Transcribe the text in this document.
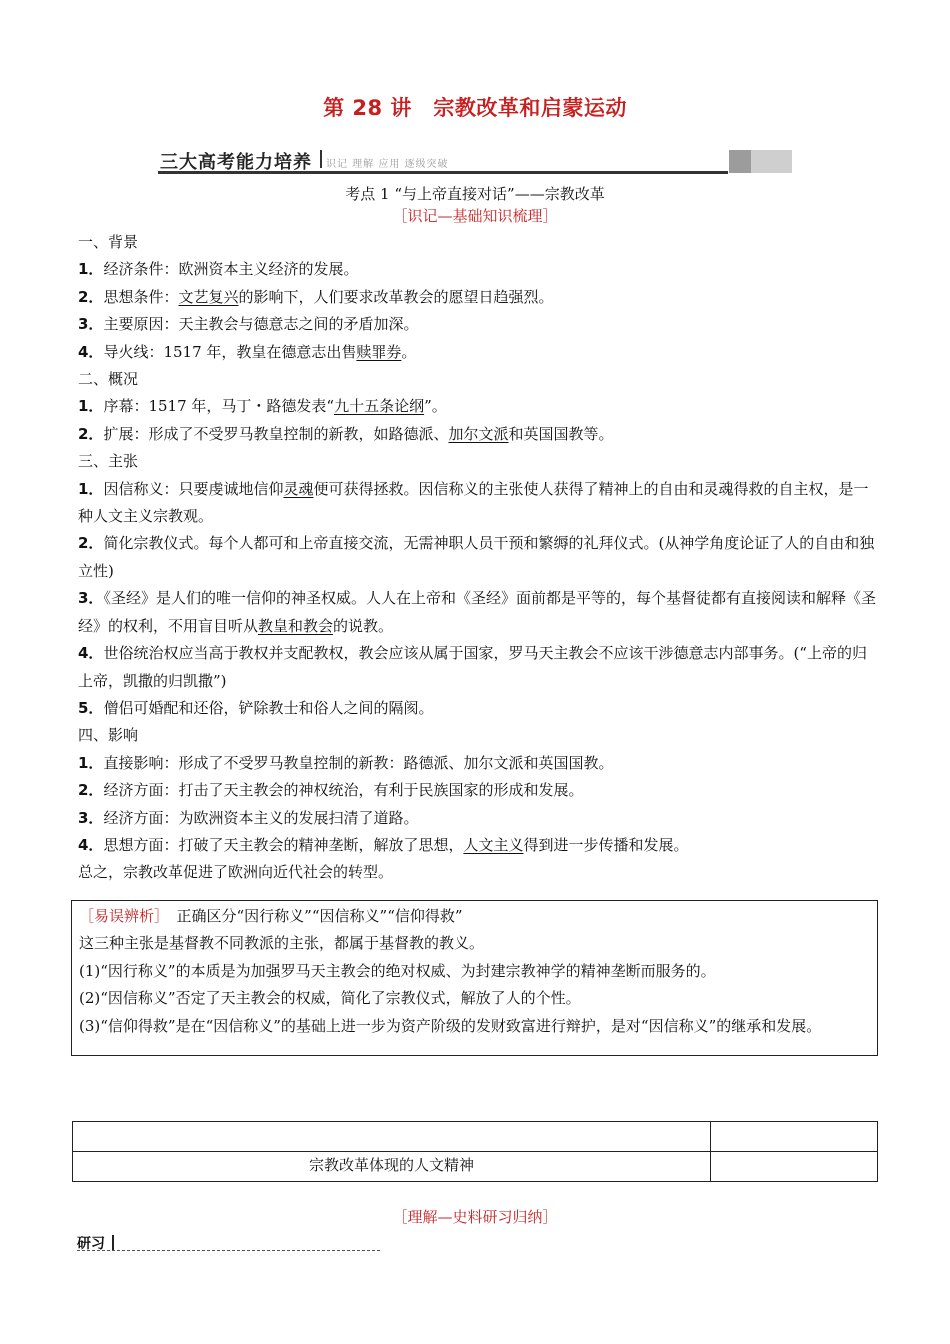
第 28 讲　宗教改革和启蒙运动
三大高考能力培养 识记 理解 应用 逐级突破
考点 1 “与上帝直接对话”——宗教改革
［识记—基础知识梳理］

一、背景

1．经济条件：欧洲资本主义经济的发展。

2．思想条件：文艺复兴的影响下，人们要求改革教会的愿望日趋强烈。

3．主要原因：天主教会与德意志之间的矛盾加深。

4．导火线：1517 年，教皇在德意志出售赎罪券。

二、概况

1．序幕：1517 年，马丁・路德发表“九十五条论纲”。

2．扩展：形成了不受罗马教皇控制的新教，如路德派、加尔文派和英国国教等。

三、主张

1．因信称义：只要虔诚地信仰灵魂便可获得拯救。因信称义的主张使人获得了精神上的自由和灵魂得救的自主权，是一种人文主义宗教观。

2．简化宗教仪式。每个人都可和上帝直接交流，无需神职人员干预和繁缛的礼拜仪式。(从神学角度论证了人的自由和独立性)

3．《圣经》是人们的唯一信仰的神圣权威。人人在上帝和《圣经》面前都是平等的，每个基督徒都有直接阅读和解释《圣经》的权利，不用盲目听从教皇和教会的说教。

4．世俗统治权应当高于教权并支配教权，教会应该从属于国家，罗马天主教会不应该干涉德意志内部事务。(“上帝的归上帝，凯撒的归凯撒”)

5．僧侣可婚配和还俗，铲除教士和俗人之间的隔阂。

四、影响

1．直接影响：形成了不受罗马教皇控制的新教：路德派、加尔文派和英国国教。

2．经济方面：打击了天主教会的神权统治，有利于民族国家的形成和发展。

3．经济方面：为欧洲资本主义的发展扫清了道路。

4．思想方面：打破了天主教会的精神垄断，解放了思想，人文主义得到进一步传播和发展。

总之，宗教改革促进了欧洲向近代社会的转型。

［易误辨析］　正确区分“因行称义”“因信称义”“信仰得救”

这三种主张是基督教不同教派的主张，都属于基督教的教义。

(1)“因行称义”的本质是为加强罗马天主教会的绝对权威、为封建宗教神学的精神垄断而服务的。

(2)“因信称义”否定了天主教会的权威，简化了宗教仪式，解放了人的个性。

(3)“信仰得救”是在“因信称义”的基础上进一步为资产阶级的发财致富进行辩护，是对“因信称义”的继承和发展。

宗教改革体现的人文精神
［理解—史料研习归纳］
研习
